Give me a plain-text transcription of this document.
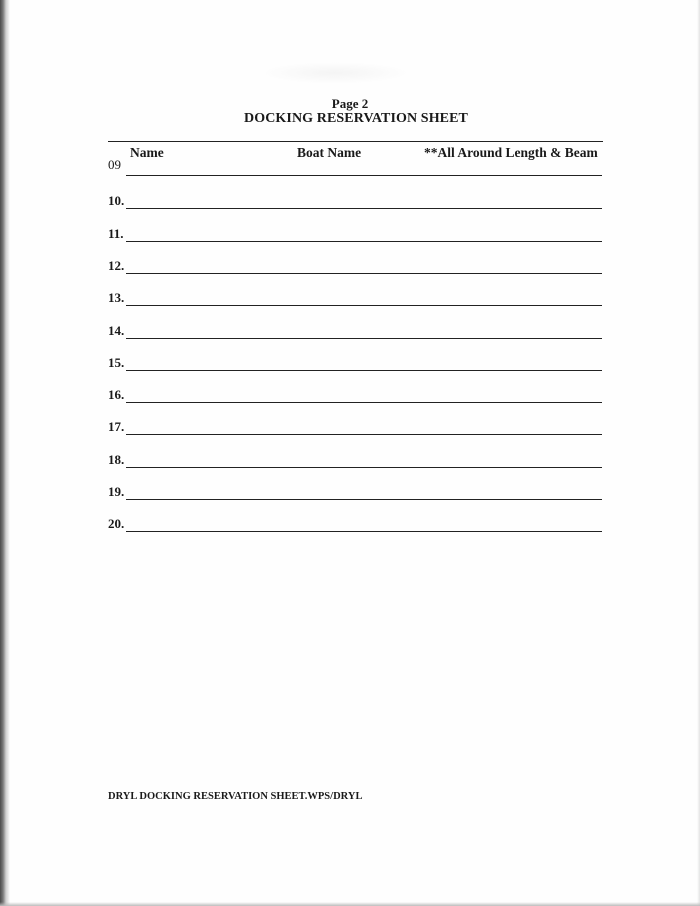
Page 2
DOCKING RESERVATION SHEET
Name	Boat Name	**All Around Length & Beam
09
10.
11.
12.
13.
14.
15.
16.
17.
18.
19.
20.
DRYL DOCKING RESERVATION SHEET.WPS/DRYL
